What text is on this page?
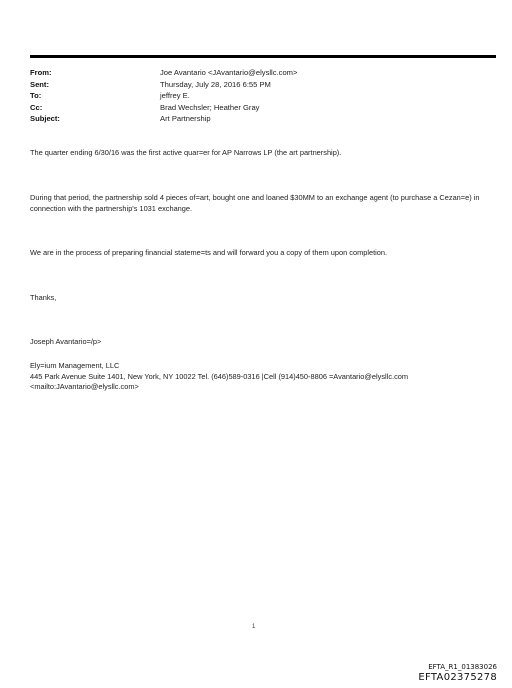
From:	Joe Avantario <JAvantario@elysllc.com>
Sent:	Thursday, July 28, 2016 6:55 PM
To:	jeffrey E.
Cc:	Brad Wechsler; Heather Gray
Subject:	Art Partnership
The quarter ending 6/30/16 was the first active quar=er for AP Narrows LP (the art partnership).
During that period, the partnership sold 4 pieces of=art, bought one and loaned $30MM to an exchange agent (to purchase a Cezan=e) in connection with the partnership's 1031 exchange.
We are in the process of preparing financial stateme=ts and will forward you a copy of them upon completion.
Thanks,
Joseph Avantario=/p>
Ely=ium Management, LLC
445 Park Avenue Suite 1401, New York, NY 10022 Tel. (646)589-0316 |Cell (914)450-8806 =Avantario@elysllc.com
<mailto:JAvantario@elysllc.com>
1
EFTA_R1_01383026
EFTA02375278
